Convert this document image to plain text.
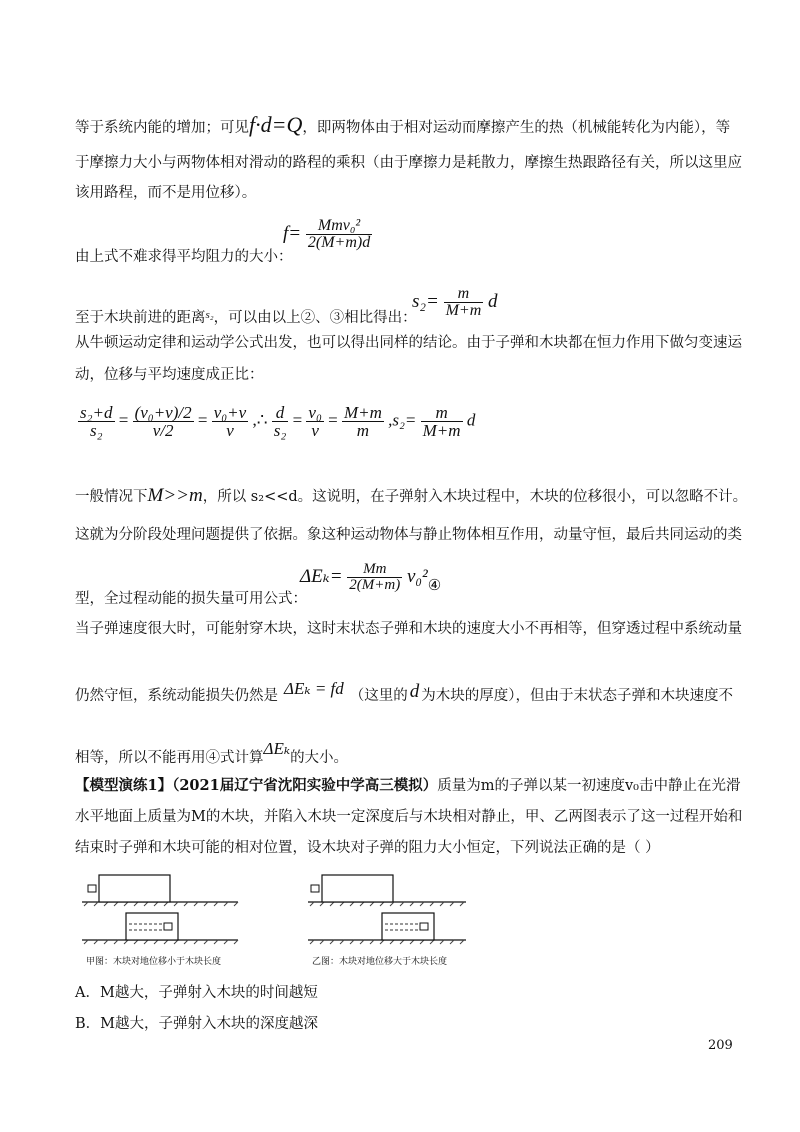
等于系统内能的增加；可见f·d=Q，即两物体由于相对运动而摩擦产生的热（机械能转化为内能），等
于摩擦力大小与两物体相对滑动的路程的乘积（由于摩擦力是耗散力，摩擦生热跟路径有关，所以这里应
该用路程，而不是用位移）。
由上式不难求得平均阻力的大小：
$f= \frac{\text{Mmv₀²}}{2(M+m)d}$
至于木块前进的距离$^{s_2}$，可以由以上②、③相比得出：
$s_2= \frac{m}{M+m}$ d
从牛顿运动定律和运动学公式出发，也可以得出同样的结论。由于子弹和木块都在恒力作用下做匀变速运
动，位移与平均速度成正比：
$\frac{\text{s₂+d}}{\text{s₂}} = \frac{\text{(v₀+v)/2}}{v/2} = \frac{\text{v₀+v}}{v}$ ,∴ $\frac{d}{\text{s₂}} = \frac{\text{v₀}}{v} = \frac{M+m}{m} ,s_2= \frac{m}{M+m}$ d
一般情况下M>>m，所以 s₂<<d。这说明，在子弹射入木块过程中，木块的位移很小，可以忽略不计。
这就为分阶段处理问题提供了依据。象这种运动物体与静止物体相互作用，动量守恒，最后共同运动的类
型，全过程动能的损失量可用公式：
$\Delta E_k= \frac{Mm}{2(M+m)} v_0^2_④$
当子弹速度很大时，可能射穿木块，这时末状态子弹和木块的速度大小不再相等，但穿透过程中系统动量
仍然守恒，系统动能损失仍然是 ΔEₖ = fd （这里的 d 为木块的厚度），但由于末状态子弹和木块速度不
相等，所以不能再用④式计算ΔEₖ的大小。
【模型演练1】（2021届辽宁省沈阳实验中学高三模拟）质量为m的子弹以某一初速度v₀击中静止在光滑
水平地面上质量为M的木块，并陷入木块一定深度后与木块相对静止，甲、乙两图表示了这一过程开始和
结束时子弹和木块可能的相对位置，设木块对子弹的阻力大小恒定，下列说法正确的是（ ）
甲图：木块对地位移小于木块长度	乙图：木块对地位移大于木块长度
A．M越大，子弹射入木块的时间越短
B．M越大，子弹射入木块的深度越深
209
